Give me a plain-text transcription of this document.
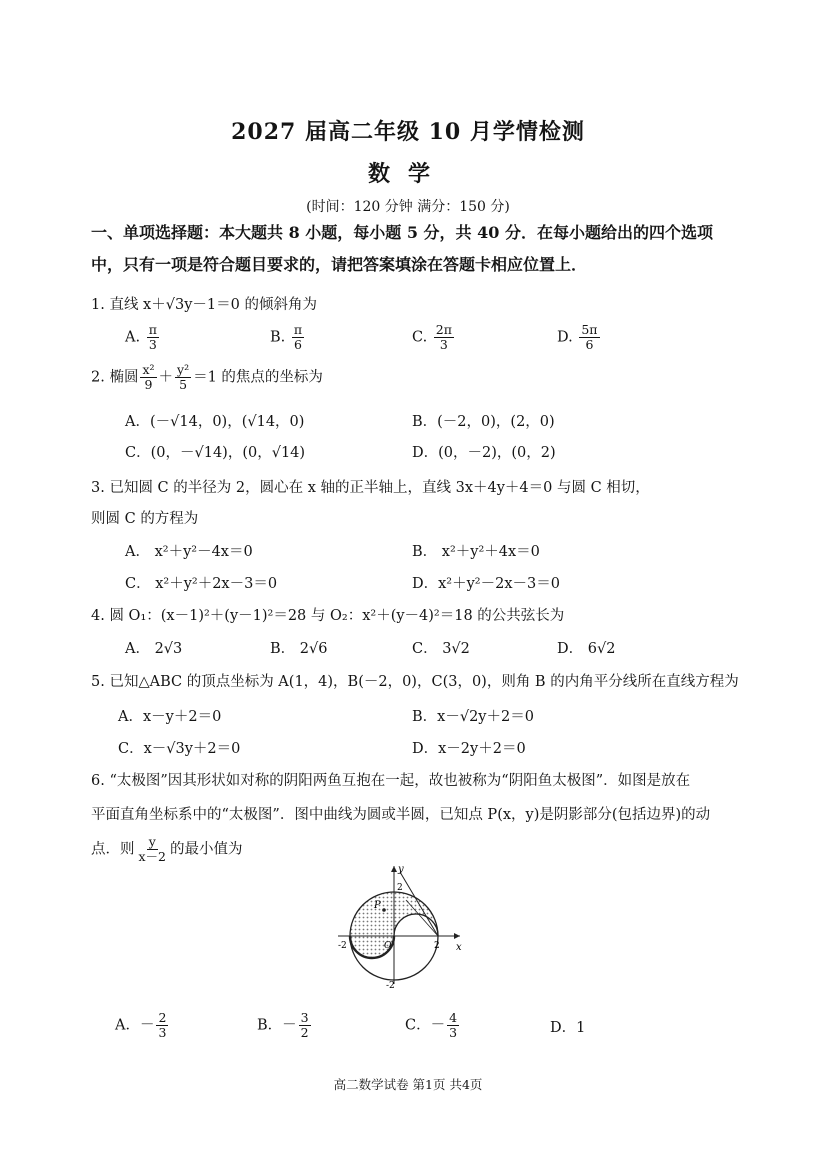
2027 届高二年级 10 月学情检测
数学
(时间：120 分钟 满分：150 分)
一、单项选择题：本大题共 8 小题，每小题 5 分，共 40 分．在每小题给出的四个选项
中，只有一项是符合题目要求的，请把答案填涂在答题卡相应位置上．
1. 直线 x＋√3y－1＝0 的倾斜角为
A. $\frac{\pi}{3}$	B. $\frac{\pi}{6}$	C. $\frac{2\pi}{3}$	D. $\frac{5\pi}{6}$
2. 椭圆 $\frac{\text{x²}}{9} + \frac{\text{y²}}{5} =1$ 的焦点的坐标为
A．(－√14，0)，(√14，0)	B．(－2，0)，(2，0)
C．(0，－√14)，(0，√14)	D．(0，－2)，(0，2)
3. 已知圆 C 的半径为 2，圆心在 x 轴的正半轴上，直线 3x＋4y＋4＝0 与圆 C 相切，
则圆 C 的方程为
A． x²＋y²－4x＝0	B． x²＋y²＋4x＝0
C． x²＋y²＋2x－3＝0	D．x²＋y²－2x－3＝0
4. 圆 O₁：(x－1)²＋(y－1)²＝28 与 O₂：x²＋(y－4)²＝18 的公共弦长为
A． 2√3	B． 2√6	C． 3√2	D． 6√2
5. 已知△ABC 的顶点坐标为 A(1，4)，B(－2，0)，C(3，0)，则角 B 的内角平分线所在直线方程为
A．x－y＋2＝0	B．x－√2y＋2＝0
C．x－√3y＋2＝0	D．x－2y＋2＝0
6. “太极图”因其形状如对称的阴阳两鱼互抱在一起，故也被称为“阴阳鱼太极图”．如图是放在
平面直角坐标系中的“太极图”．图中曲线为圆或半圆，已知点 P(x，y)是阴影部分(包括边界)的动
点．则 $\frac{y}{x-2}$ 的最小值为
P
x
y
O
-2	2
2
-2
A．－ $\frac{2}{3}$	B．－ $\frac{3}{2}$	C．－ $\frac{4}{3}$	D．1
高二数学试卷 第1页 共4页
